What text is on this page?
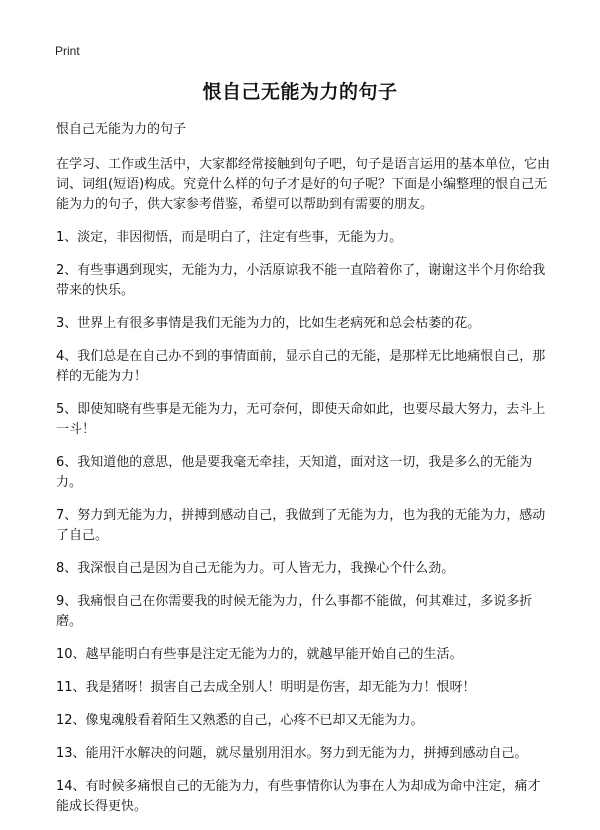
Print
恨自己无能为力的句子

恨自己无能为力的句子

在学习、工作或生活中，大家都经常接触到句子吧，句子是语言运用的基本单位，它由词、词组(短语)构成。究竟什么样的句子才是好的句子呢？下面是小编整理的恨自己无能为力的句子，供大家参考借鉴，希望可以帮助到有需要的朋友。

1、淡定，非因彻悟，而是明白了，注定有些事，无能为力。
2、有些事遇到现实，无能为力，小活原谅我不能一直陪着你了，谢谢这半个月你给我带来的快乐。
3、世界上有很多事情是我们无能为力的，比如生老病死和总会枯萎的花。
4、我们总是在自己办不到的事情面前，显示自己的无能，是那样无比地痛恨自己，那样的无能为力！
5、即使知晓有些事是无能为力，无可奈何，即使天命如此，也要尽最大努力，去斗上一斗！
6、我知道他的意思，他是要我毫无牵挂，天知道，面对这一切，我是多么的无能为力。
7、努力到无能为力，拼搏到感动自己，我做到了无能为力，也为我的无能为力，感动了自己。
8、我深恨自己是因为自己无能为力。可人皆无力，我操心个什么劲。
9、我痛恨自己在你需要我的时候无能为力，什么事都不能做，何其难过，多说多折磨。
10、越早能明白有些事是注定无能为力的，就越早能开始自己的生活。
11、我是猪呀！损害自己去成全别人！明明是伤害，却无能为力！恨呀！
12、像鬼魂般看着陌生又熟悉的自己，心疼不已却又无能为力。
13、能用汗水解决的问题，就尽量别用泪水。努力到无能为力，拼搏到感动自己。
14、有时候多痛恨自己的无能为力，有些事情你认为事在人为却成为命中注定，痛才能成长得更快。
